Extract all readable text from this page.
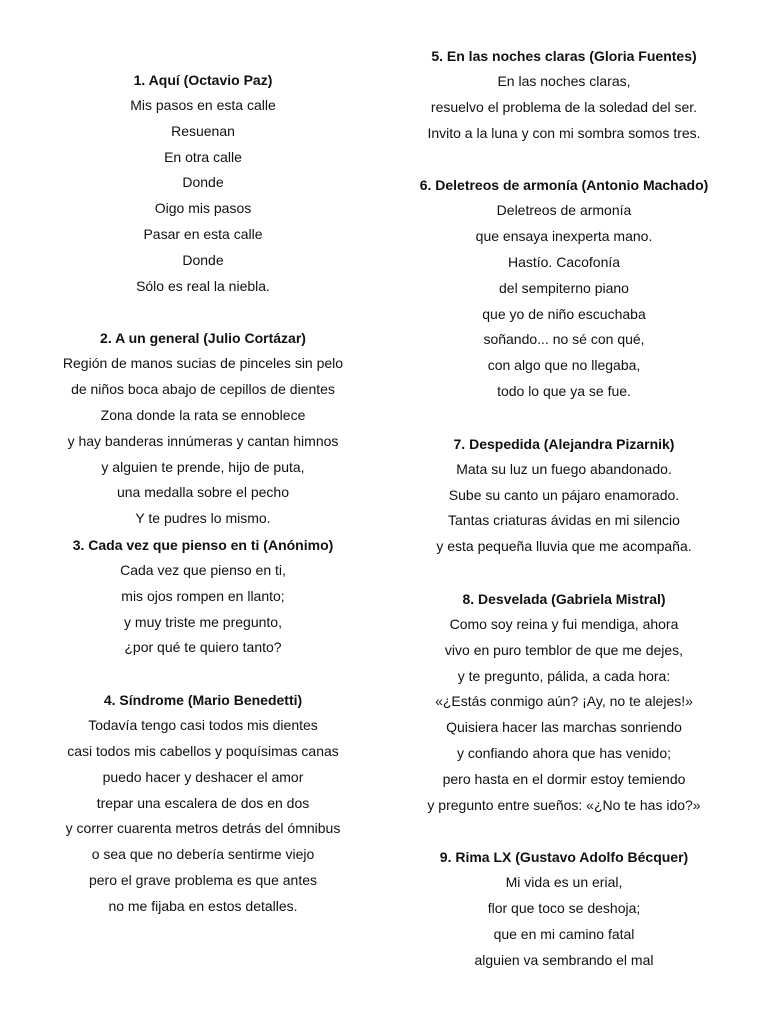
1. Aquí (Octavio Paz)
Mis pasos en esta calle
Resuenan
En otra calle
Donde
Oigo mis pasos
Pasar en esta calle
Donde
Sólo es real la niebla.
2. A un general (Julio Cortázar)
Región de manos sucias de pinceles sin pelo
de niños boca abajo de cepillos de dientes
Zona donde la rata se ennoblece
y hay banderas innúmeras y cantan himnos
y alguien te prende, hijo de puta,
una medalla sobre el pecho
Y te pudres lo mismo.
3. Cada vez que pienso en ti (Anónimo)
Cada vez que pienso en ti,
mis ojos rompen en llanto;
y muy triste me pregunto,
¿por qué te quiero tanto?
4. Síndrome (Mario Benedetti)
Todavía tengo casi todos mis dientes
casi todos mis cabellos y poquísimas canas
puedo hacer y deshacer el amor
trepar una escalera de dos en dos
y correr cuarenta metros detrás del ómnibus
o sea que no debería sentirme viejo
pero el grave problema es que antes
no me fijaba en estos detalles.
5. En las noches claras (Gloria Fuentes)
En las noches claras,
resuelvo el problema de la soledad del ser.
Invito a la luna y con mi sombra somos tres.
6. Deletreos de armonía (Antonio Machado)
Deletreos de armonía
que ensaya inexperta mano.
Hastío. Cacofonía
del sempiterno piano
que yo de niño escuchaba
soñando... no sé con qué,
con algo que no llegaba,
todo lo que ya se fue.
7. Despedida (Alejandra Pizarnik)
Mata su luz un fuego abandonado.
Sube su canto un pájaro enamorado.
Tantas criaturas ávidas en mi silencio
y esta pequeña lluvia que me acompaña.
8. Desvelada (Gabriela Mistral)
Como soy reina y fui mendiga, ahora
vivo en puro temblor de que me dejes,
y te pregunto, pálida, a cada hora:
«¿Estás conmigo aún? ¡Ay, no te alejes!»
Quisiera hacer las marchas sonriendo
y confiando ahora que has venido;
pero hasta en el dormir estoy temiendo
y pregunto entre sueños: «¿No te has ido?»
9. Rima LX (Gustavo Adolfo Bécquer)
Mi vida es un erial,
flor que toco se deshoja;
que en mi camino fatal
alguien va sembrando el mal
